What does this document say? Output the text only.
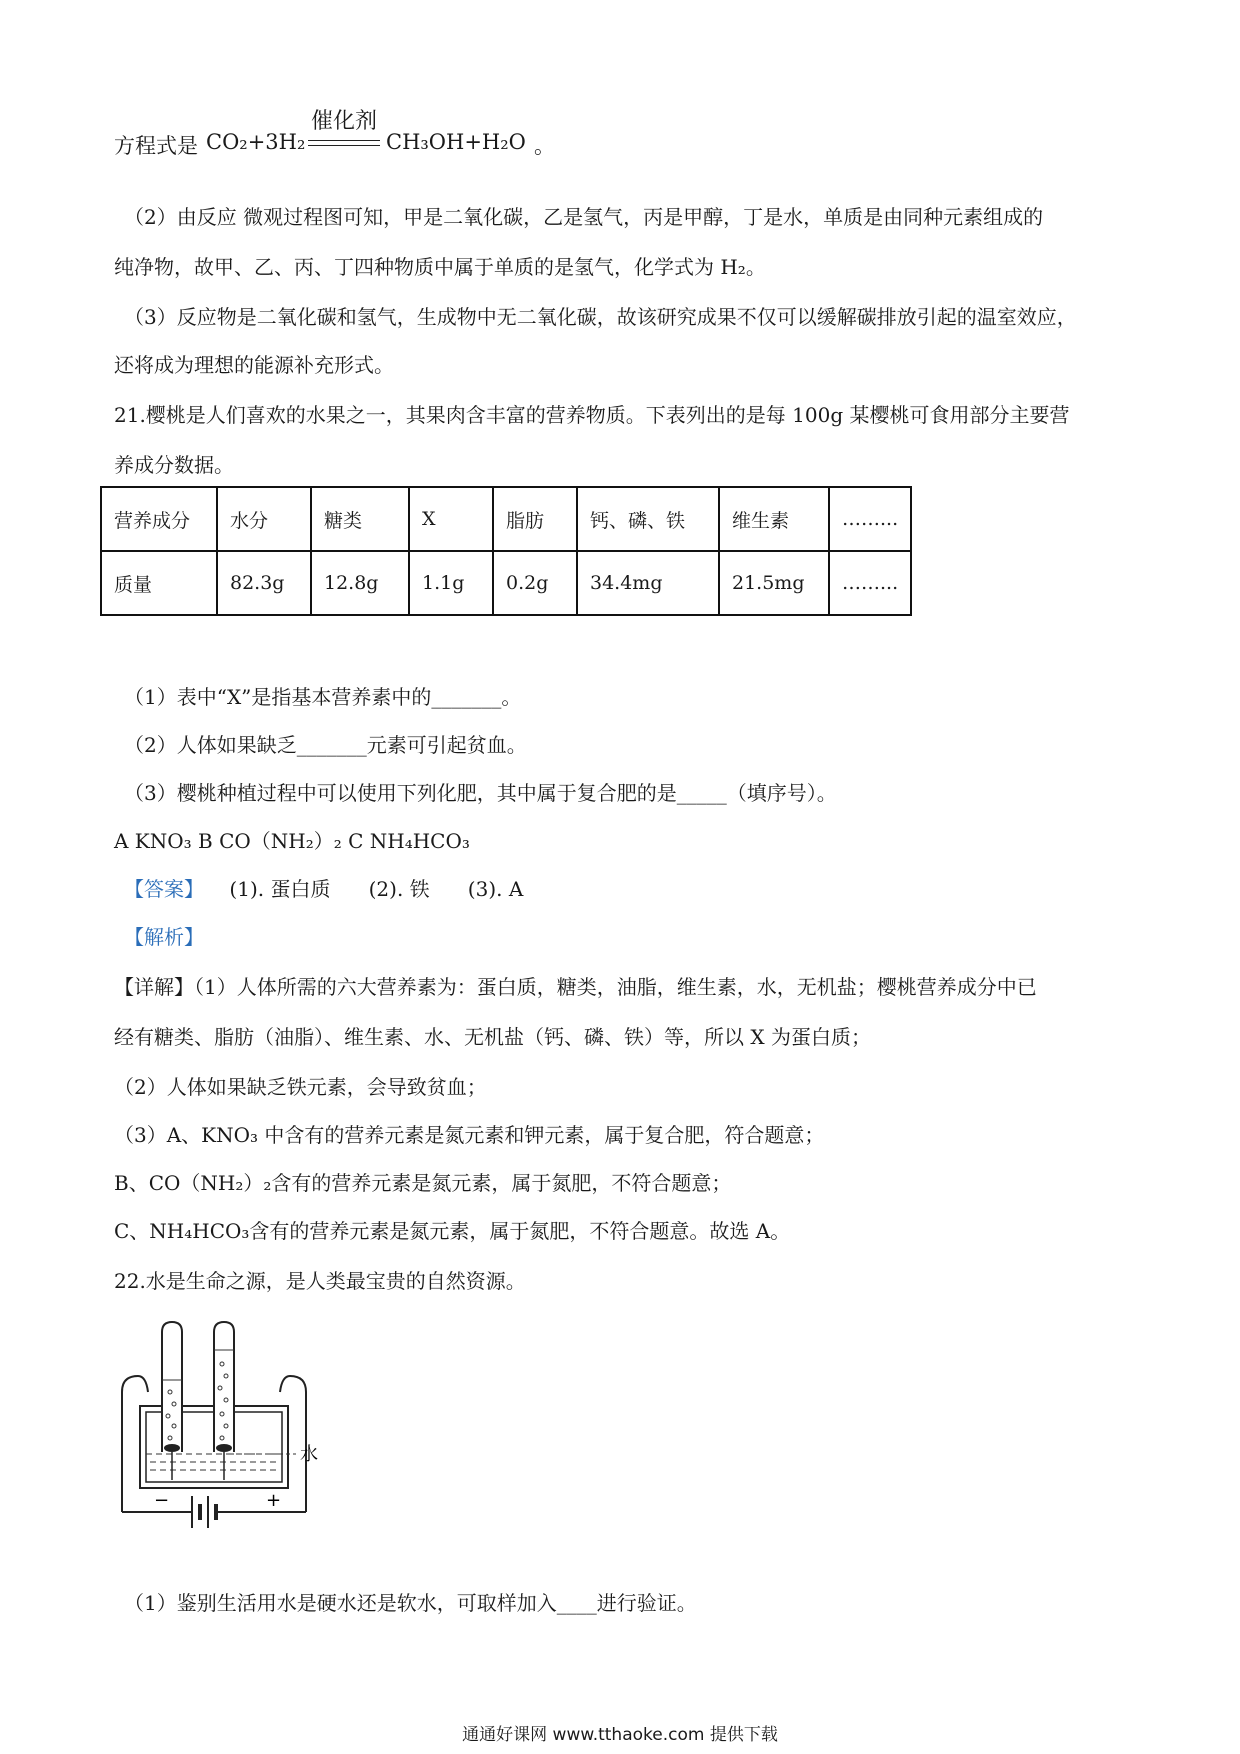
方程式是 CO₂+3H₂	CH₃OH+H₂O 。
催化剂
（2）由反应 微观过程图可知，甲是二氧化碳，乙是氢气，丙是甲醇，丁是水，单质是由同种元素组成的
纯净物，故甲、乙、丙、丁四种物质中属于单质的是氢气，化学式为 H₂。
（3）反应物是二氧化碳和氢气，生成物中无二氧化碳，故该研究成果不仅可以缓解碳排放引起的温室效应，
还将成为理想的能源补充形式。
21.樱桃是人们喜欢的水果之一，其果肉含丰富的营养物质。下表列出的是每 100g 某樱桃可食用部分主要营
养成分数据。
营养成分	水分	糖类	X	脂肪	钙、磷、铁	维生素	……...
质量	82.3g	12.8g	1.1g	0.2g	34.4mg	21.5mg	……...
（1）表中“X”是指基本营养素中的_______。
（2）人体如果缺乏_______元素可引起贫血。
（3）樱桃种植过程中可以使用下列化肥，其中属于复合肥的是_____（填序号）。
A KNO₃ B CO（NH₂）₂ C NH₄HCO₃
【答案】    (1). 蛋白质      (2). 铁      (3). A
【解析】
【详解】（1）人体所需的六大营养素为：蛋白质，糖类，油脂，维生素，水，无机盐；樱桃营养成分中已
经有糖类、脂肪（油脂）、维生素、水、无机盐（钙、磷、铁）等，所以 X 为蛋白质；
（2）人体如果缺乏铁元素，会导致贫血；
（3）A、KNO₃ 中含有的营养元素是氮元素和钾元素，属于复合肥，符合题意；
B、CO（NH₂）₂含有的营养元素是氮元素，属于氮肥，不符合题意；
C、NH₄HCO₃含有的营养元素是氮元素，属于氮肥，不符合题意。故选 A。
22.水是生命之源，是人类最宝贵的自然资源。
水
−	+
（1）鉴别生活用水是硬水还是软水，可取样加入____进行验证。
通通好课网 www.tthaoke.com 提供下载
